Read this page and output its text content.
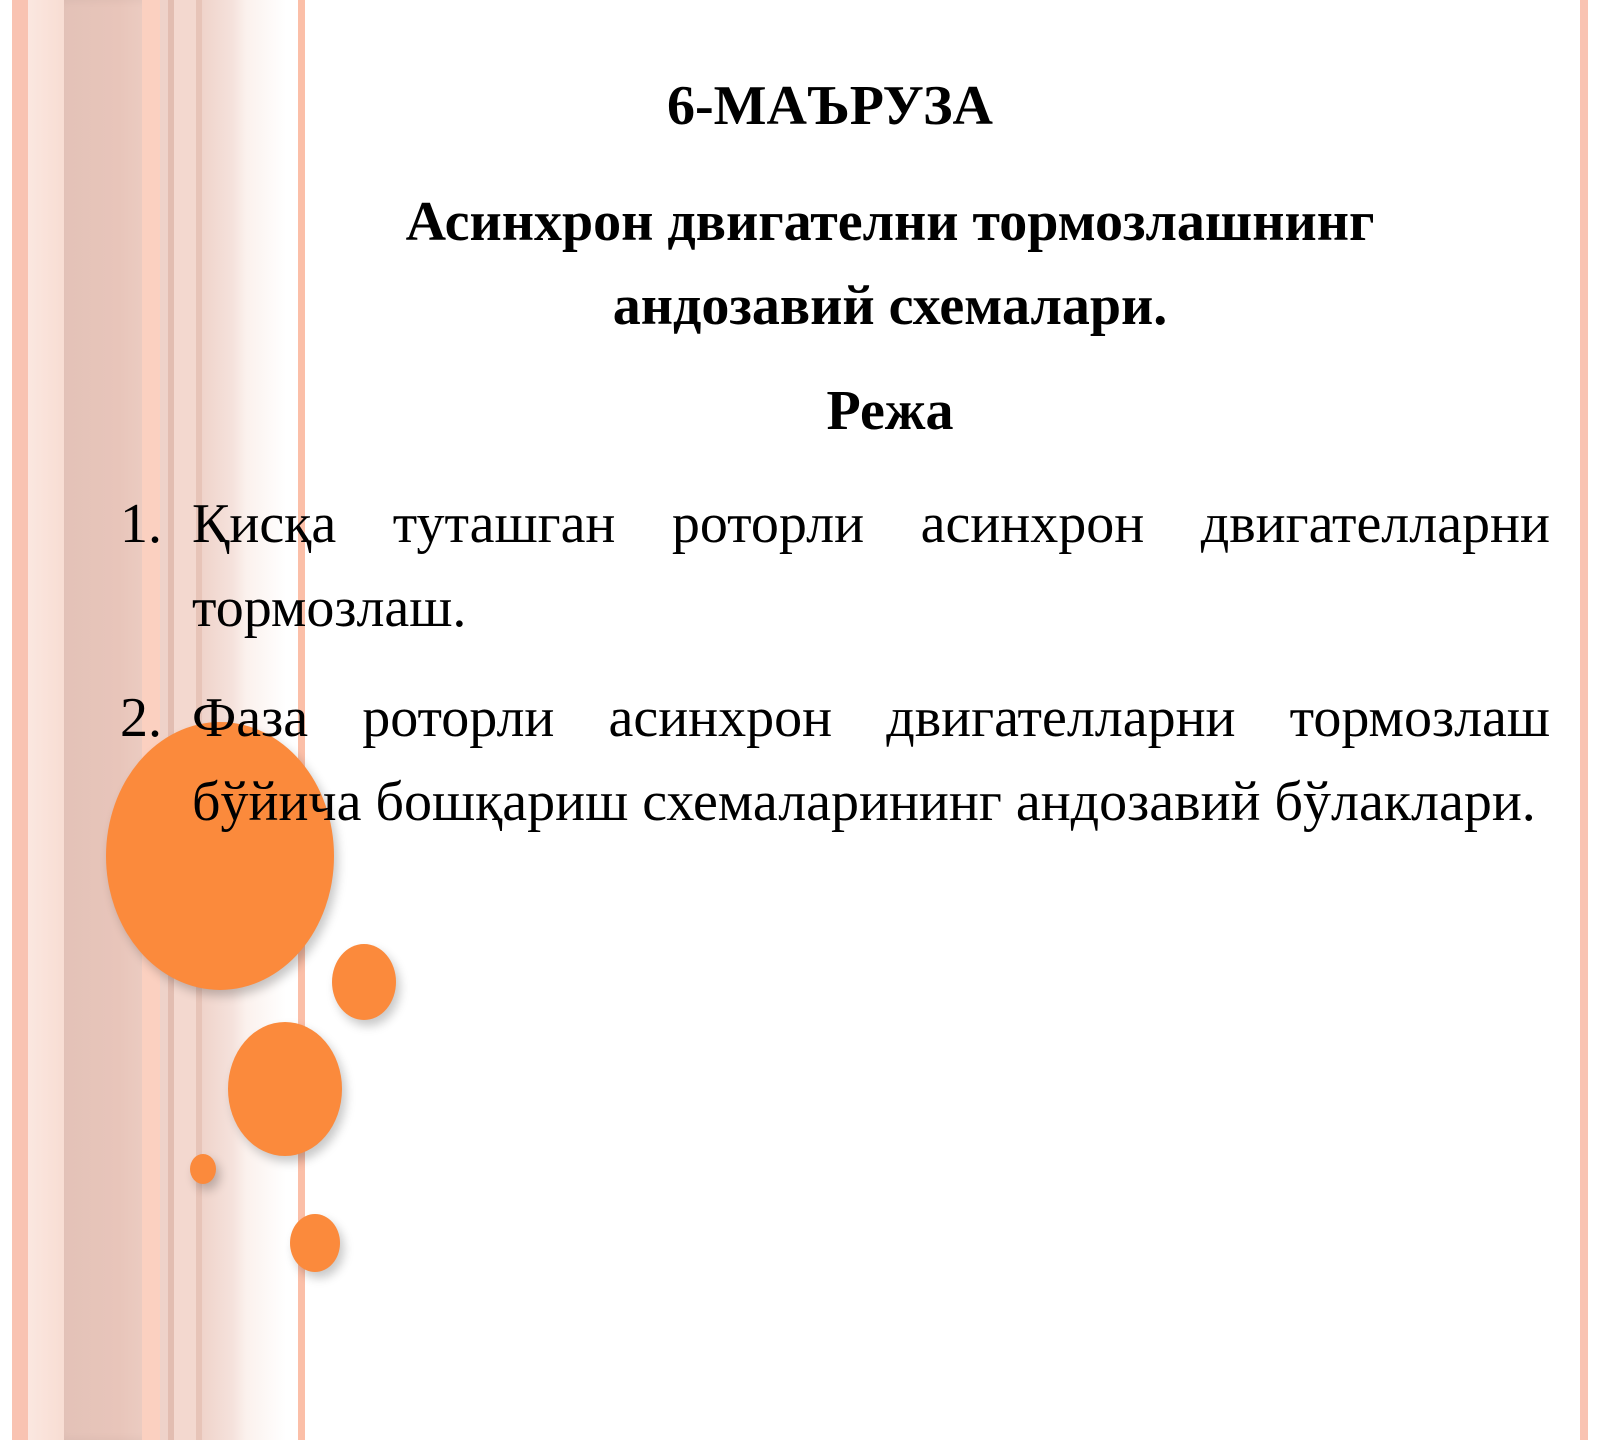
6-МАЪРУЗА
Асинхрон двигателни тормозлашнинг
андозавий схемалари.
Режа
1. Қисқа туташган роторли асинхрон двигателларни тормозлаш.
2. Фаза роторли асинхрон двигателларни тормозлаш бўйича бошқариш схемаларининг андозавий бўлаклари.
